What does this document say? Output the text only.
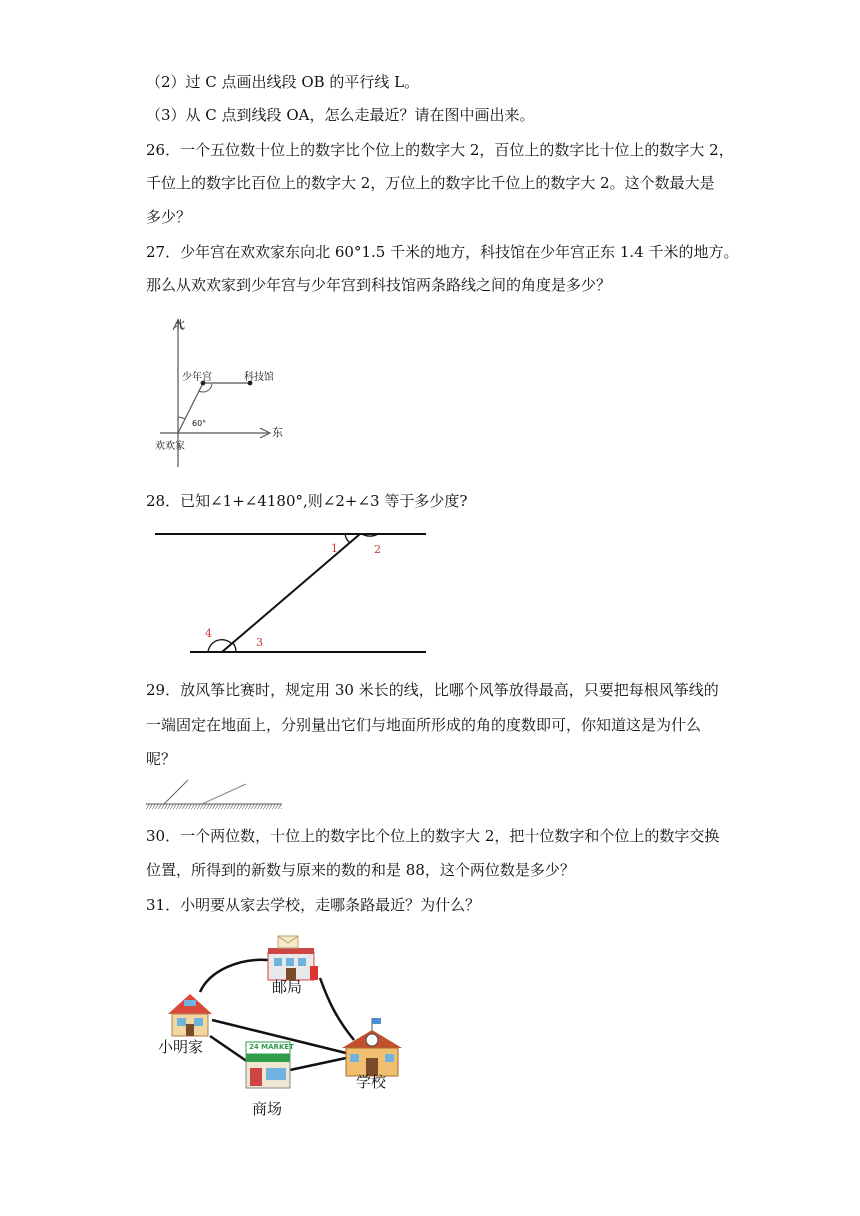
（2）过 C 点画出线段 OB 的平行线 L。
（3）从 C 点到线段 OA，怎么走最近？请在图中画出来。
26．一个五位数十位上的数字比个位上的数字大 2，百位上的数字比十位上的数字大 2，
千位上的数字比百位上的数字大 2，万位上的数字比千位上的数字大 2。这个数最大是
多少？
27．少年宫在欢欢家东向北 60°1.5 千米的地方，科技馆在少年宫正东 1.4 千米的地方。
那么从欢欢家到少年宫与少年宫到科技馆两条路线之间的角度是多少？
北
东
少年宫	科技馆
欢欢家
60°
28．已知∠1+∠4180°,则∠2+∠3 等于多少度?
1	2
4
3
29．放风筝比赛时，规定用 30 米长的线，比哪个风筝放得最高，只要把每根风筝线的
一端固定在地面上，分别量出它们与地面所形成的角的度数即可，你知道这是为什么
呢？
30．一个两位数，十位上的数字比个位上的数字大 2，把十位数字和个位上的数字交换
位置，所得到的新数与原来的数的和是 88，这个两位数是多少？
31．小明要从家去学校，走哪条路最近？为什么？
24 MARKET
邮局
小明家
学校
商场
